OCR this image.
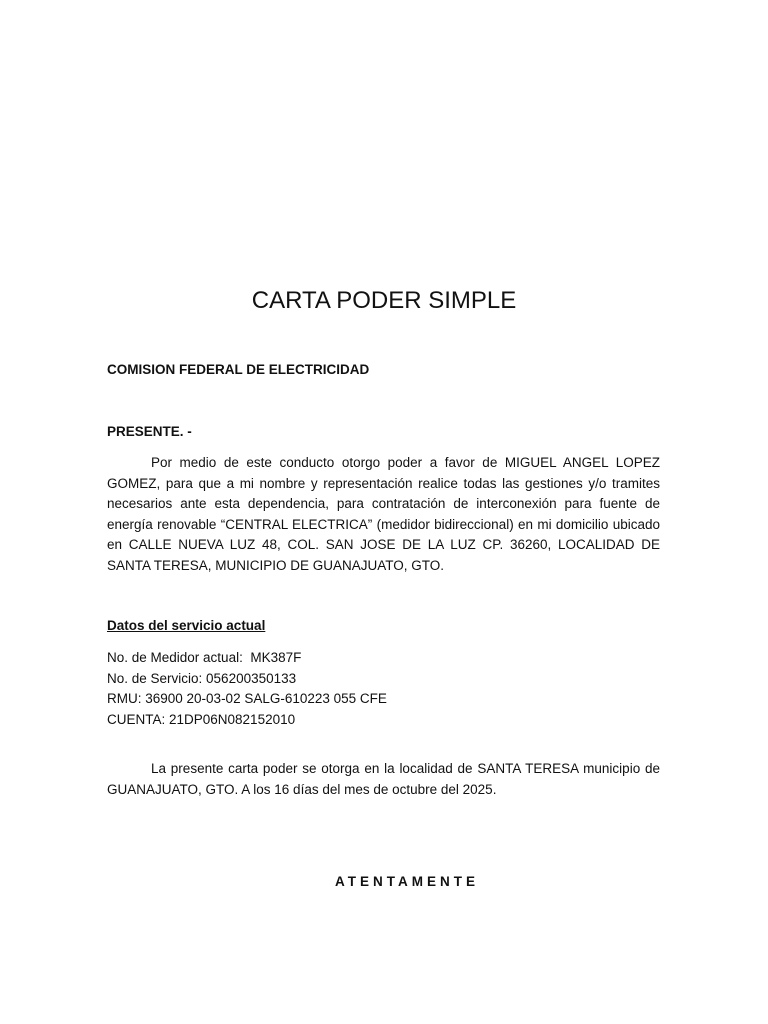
CARTA PODER SIMPLE
COMISION FEDERAL DE ELECTRICIDAD
PRESENTE. -

Por medio de este conducto otorgo poder a favor de MIGUEL ANGEL LOPEZ GOMEZ, para que a mi nombre y representación realice todas las gestiones y/o tramites necesarios ante esta dependencia, para contratación de interconexión para fuente de energía renovable “CENTRAL ELECTRICA” (medidor bidireccional) en mi domicilio ubicado en CALLE NUEVA LUZ 48, COL. SAN JOSE DE LA LUZ CP. 36260, LOCALIDAD DE SANTA TERESA, MUNICIPIO DE GUANAJUATO, GTO.

Datos del servicio actual
No. de Medidor actual:  MK387F
No. de Servicio: 056200350133
RMU: 36900 20-03-02 SALG-610223 055 CFE
CUENTA: 21DP06N082152010

La presente carta poder se otorga en la localidad de SANTA TERESA municipio de GUANAJUATO, GTO. A los 16 días del mes de octubre del 2025.

ATENTAMENTE
